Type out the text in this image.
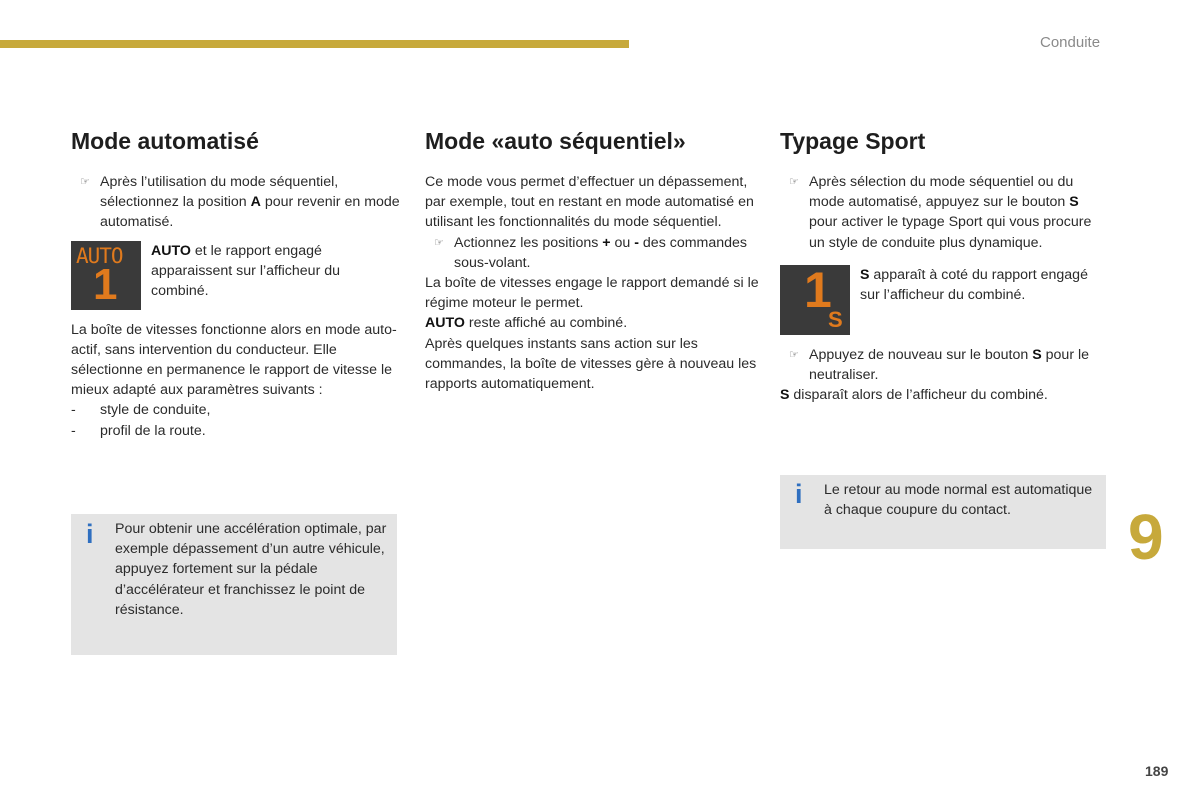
Conduite
Mode automatisé

☞ Après l’utilisation du mode séquentiel, sélectionnez la position A pour revenir en mode automatisé.

AUTO
1

AUTO et le rapport engagé apparaissent sur l’afficheur du combiné.

La boîte de vitesses fonctionne alors en mode auto-actif, sans intervention du conducteur. Elle sélectionne en permanence le rapport de vitesse le mieux adapté aux paramètres suivants :

- style de conduite,

- profil de la route.

Mode «auto séquentiel»

Ce mode vous permet d’effectuer un dépassement, par exemple, tout en restant en mode automatisé en utilisant les fonctionnalités du mode séquentiel.

☞ Actionnez les positions + ou - des commandes sous-volant.

La boîte de vitesses engage le rapport demandé si le régime moteur le permet.

AUTO reste affiché au combiné.

Après quelques instants sans action sur les commandes, la boîte de vitesses gère à nouveau les rapports automatiquement.

Typage Sport

☞ Après sélection du mode séquentiel ou du mode automatisé, appuyez sur le bouton S pour activer le typage Sport qui vous procure un style de conduite plus dynamique.

1
S

S apparaît à coté du rapport engagé sur l’afficheur du combiné.

☞ Appuyez de nouveau sur le bouton S pour le neutraliser.

S disparaît alors de l’afficheur du combiné.

i Pour obtenir une accélération optimale, par exemple dépassement d’un autre véhicule, appuyez fortement sur la pédale d’accélérateur et franchissez le point de résistance.

i Le retour au mode normal est automatique à chaque coupure du contact.	9
189
